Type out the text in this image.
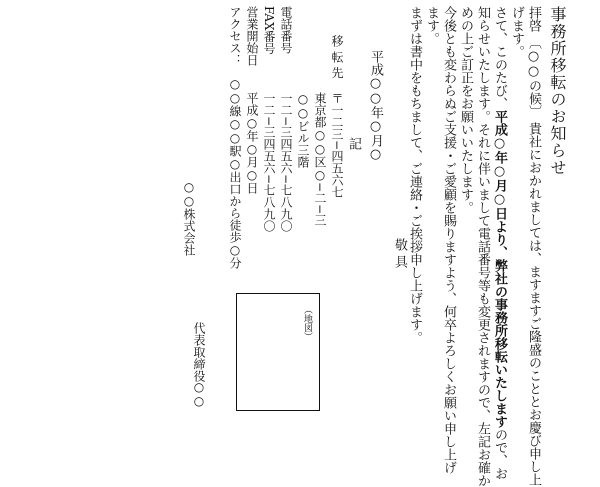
事務所移転のお知らせ
拝啓 〔○○の候〕 貴社におかれましては、ますますご隆盛のこととお慶び申し上
げます。
さて、このたび、平成○年○月○日より、弊社の事務所移転いたしますので、お
知らせいたします。それに伴いまして電話番号等も変更されますので、左記お確か
めの上ご訂正をお願いいたします。
今後とも変わらぬご支援・ご愛顧を賜りますよう、何卒よろしくお願い申し上げ
ます。
まずは書中をもちまして、ご連絡・ご挨拶申し上げます。
敬 具
平成○○年○月○
記
移 転 先
〒一二三−四五六七
東京都○○区○−二−三
○○ビル三階
電話番号
一二−三四五六−七八九〇
FAX番号
一二−三四五六−七八九〇
営業開始日
平成○年○月○日
アクセス：
○○線○○駅○出口から徒歩○分
○○株式会社
（地図）
代表取締役
○○
